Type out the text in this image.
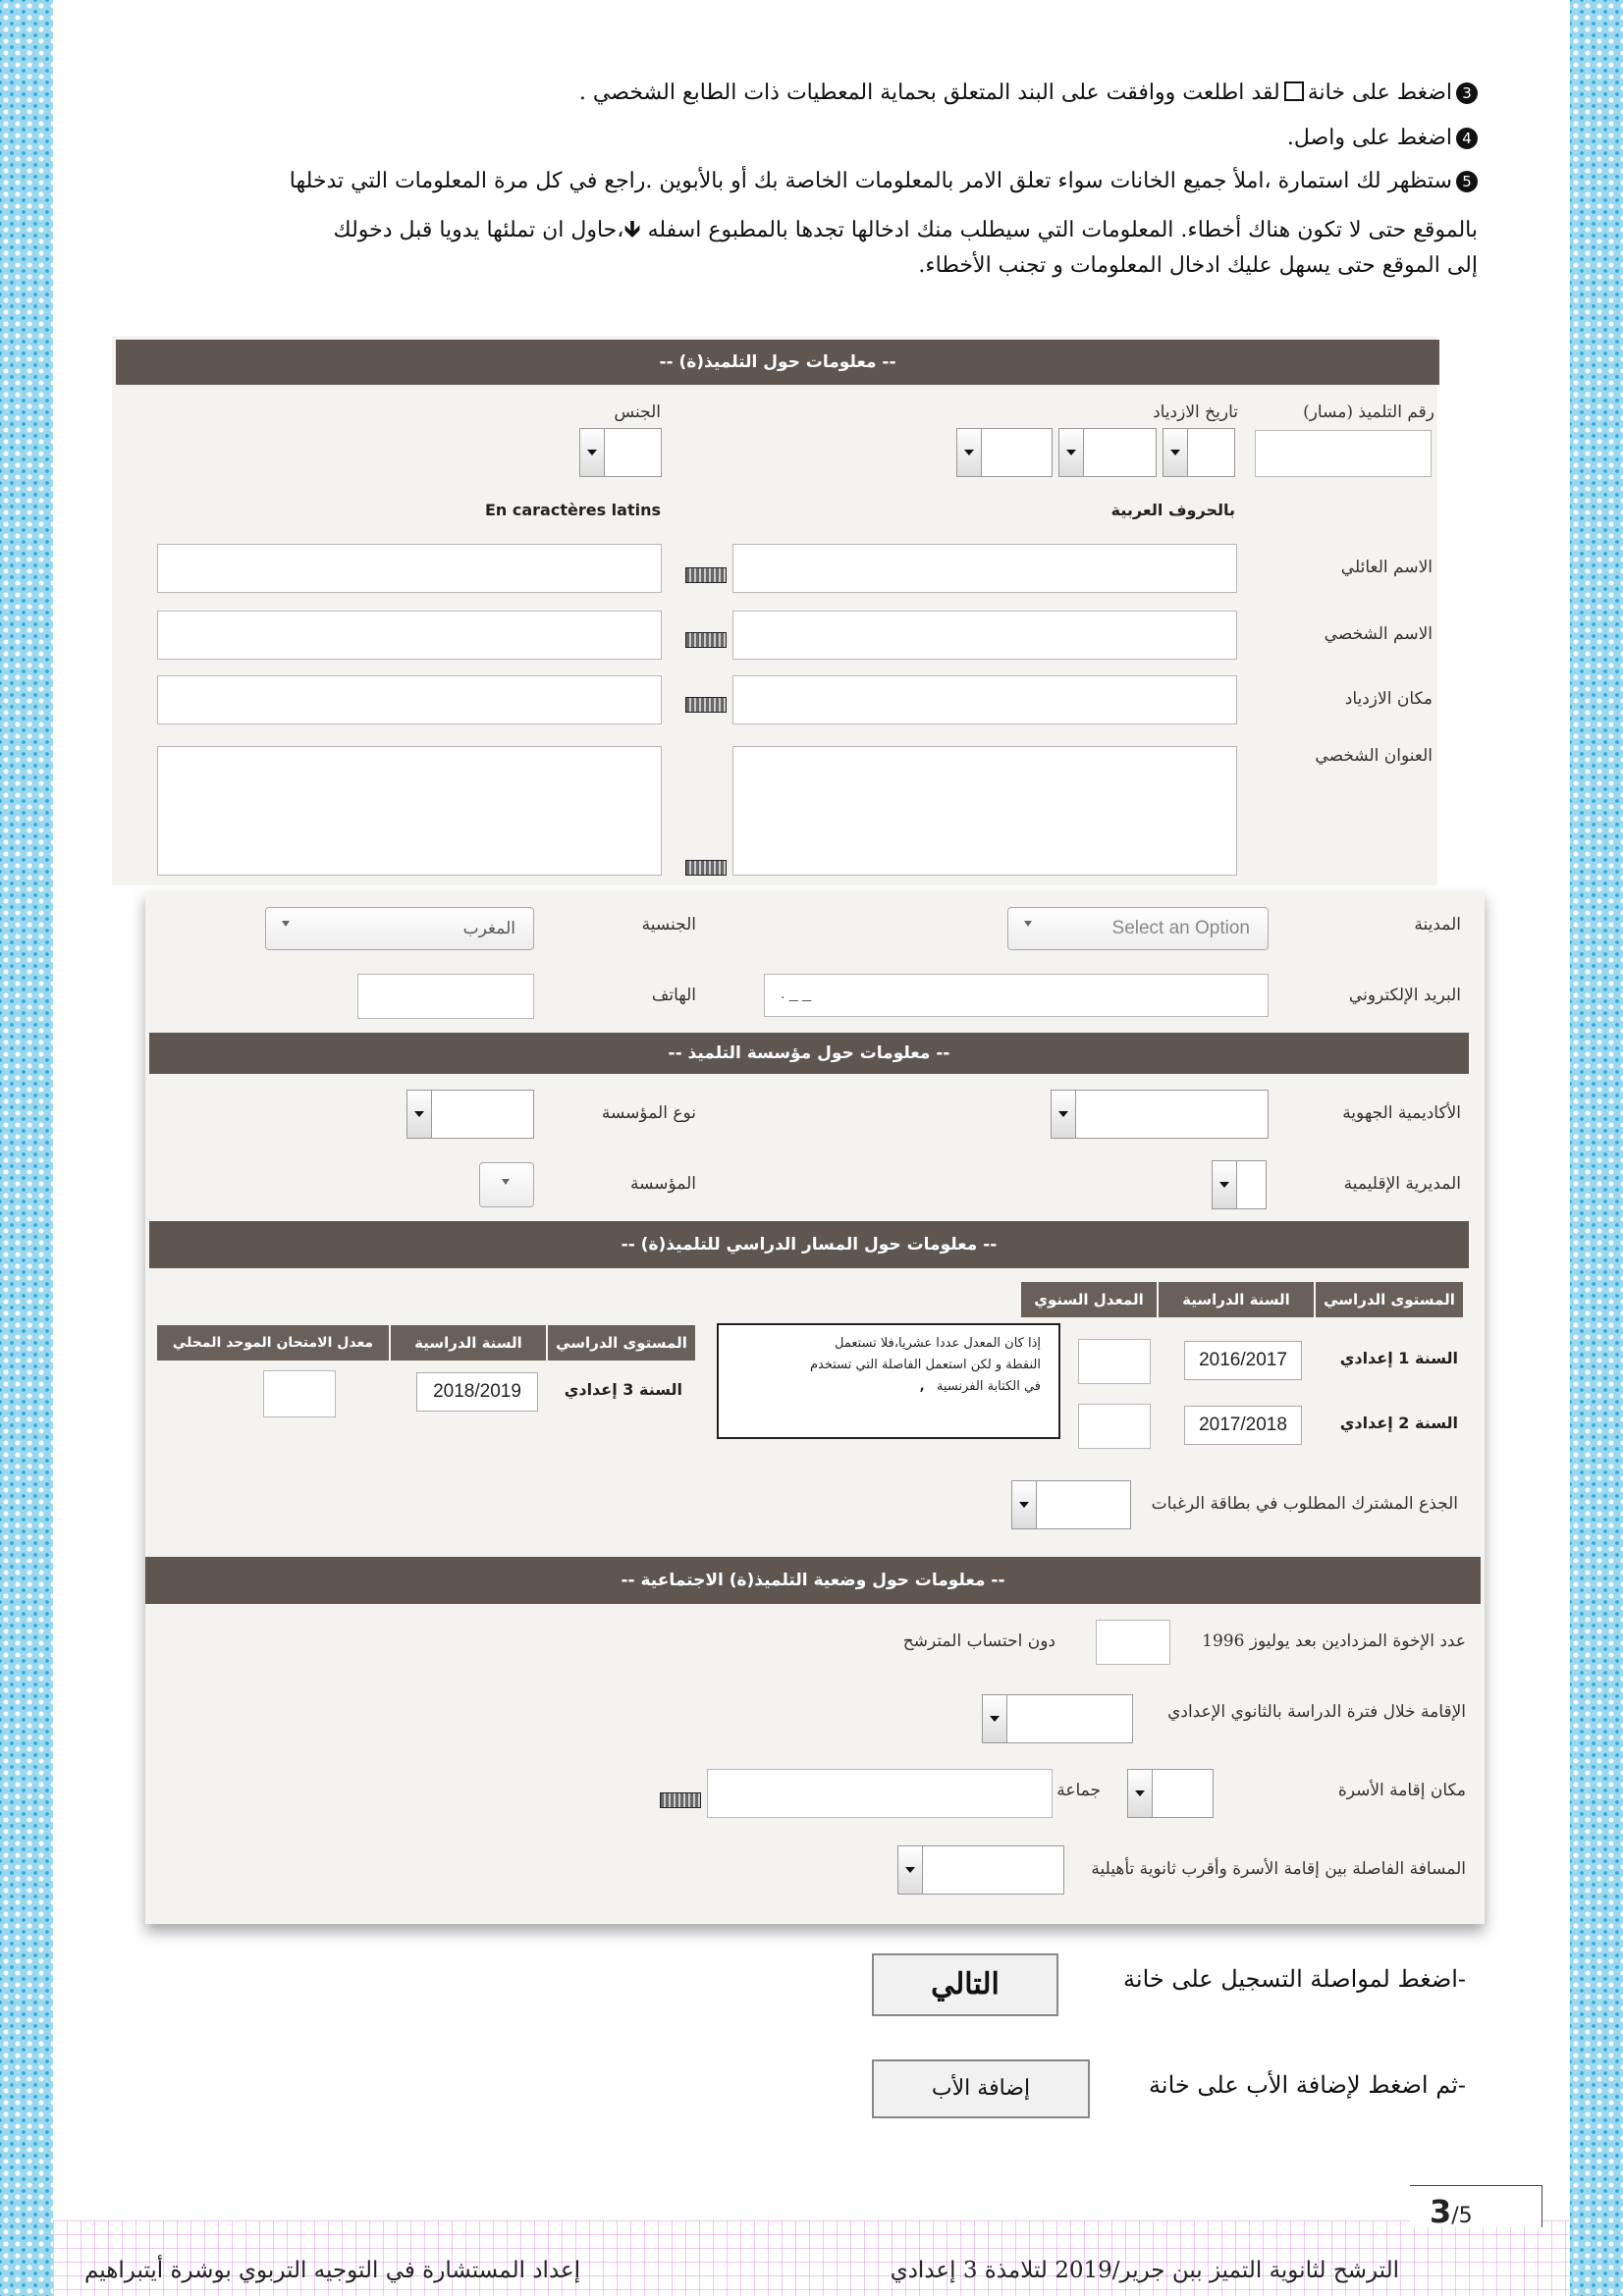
3اضغط على خانةلقد اطلعت ووافقت على البند المتعلق بحماية المعطيات ذات الطابع الشخصي .
4اضغط على واصل.
5ستظهر لك استمارة ،املأ جميع الخانات سواء تعلق الامر بالمعلومات الخاصة بك أو بالأبوين .راجع في كل مرة المعلومات التي تدخلها
بالموقع حتى لا تكون هناك أخطاء. المعلومات التي سيطلب منك ادخالها تجدها بالمطبوع اسفله 🡻،حاول ان تملئها يدويا قبل دخولك
إلى الموقع حتى يسهل عليك ادخال المعلومات و تجنب الأخطاء.
-- معلومات حول التلميذ(ة) --
رقم التلميذ (مسار)
تاريخ الازدياد
الجنس
بالحروف العربية
En caractères latins
الاسم العائلي
الاسم الشخصي
مكان الازدياد
العنوان الشخصي
المدينة
Select an Option
الجنسية
المغرب
البريد الإلكتروني
. _ _
الهاتف
-- معلومات حول مؤسسة التلميذ --
الأكاديمية الجهوية
نوع المؤسسة
المديرية الإقليمية
المؤسسة
-- معلومات حول المسار الدراسي للتلميذ(ة) --
المستوى الدراسي
السنة الدراسية
المعدل السنوي
السنة 1 إعدادي
2016/2017
السنة 2 إعدادي
2017/2018
إذا كان المعدل عددا عشريا،فلا تستعمل
النقطة و لكن استعمل الفاصلة التي تستخدم
في الكتابة الفرنسية   ,
المستوى الدراسي
السنة الدراسية
معدل الامتحان الموحد المحلي
السنة 3 إعدادي
2018/2019
الجذع المشترك المطلوب في بطاقة الرغبات
-- معلومات حول وضعية التلميذ(ة) الاجتماعية --
عدد الإخوة المزدادين بعد يوليوز 1996
دون احتساب المترشح
الإقامة خلال فترة الدراسة بالثانوي الإعدادي
مكان إقامة الأسرة
جماعة
المسافة الفاصلة بين إقامة الأسرة وأقرب ثانوية تأهيلية
-اضغط لمواصلة التسجيل على خانة
التالي
-ثم اضغط لإضافة الأب على خانة
إضافة الأب
3/5
الترشح لثانوية التميز ببن جرير/2019 لتلامذة 3 إعدادي
إعداد المستشارة في التوجيه التربوي بوشرة أيتبراهيم
